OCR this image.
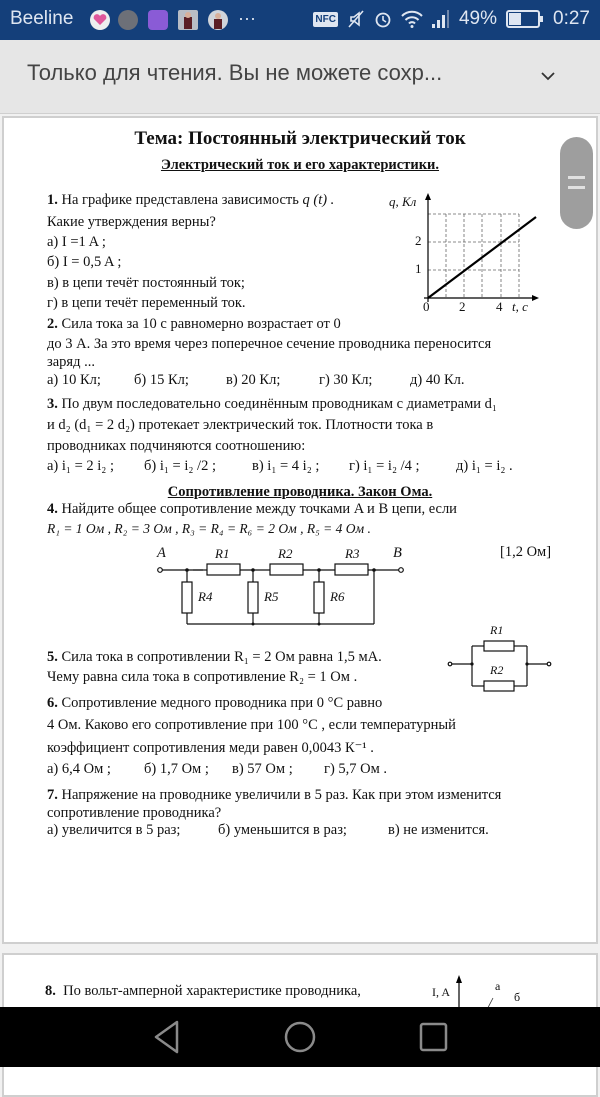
Beeline	···	NFC	49%	0:27
Только для чтения. Вы не можете сохр...
Тема: Постоянный электрический ток
Электрический ток и его характеристики.
1. На графике представлена зависимость q (t) .
Какие утверждения верны?
а) I =1 A ;
б) I = 0,5 A ;
в) в цепи течёт постоянный ток;
г) в цепи течёт переменный ток.
q, Кл
2
1
0 2 4 t, с
2. Сила тока за 10 с равномерно возрастает от 0
до 3 А. За это время через поперечное сечение проводника переносится
заряд ...
а) 10 Кл; б) 15 Кл;	в) 20 Кл;	г) 30 Кл;	д) 40 Кл.
3. По двум последовательно соединённым проводникам с диаметрами d₁
и d₂ (d₁ = 2 d₂) протекает электрический ток. Плотности тока в
проводниках подчиняются соотношению:
а) i₁ = 2 i₂ ; б) i₁ = i₂ /2 ; в) i₁ = 4 i₂ ; г) i₁ = i₂ /4 ;	д) i₁ = i₂ .
Сопротивление проводника. Закон Ома.
4. Найдите общее сопротивление между точками A и B цепи, если
R₁ = 1 Ом , R₂ = 3 Ом , R₃ = R₄ = R₆ = 2 Ом , R₅ = 4 Ом .
[1,2 Ом]
A	B
R1	R2	R3
R4	R5	R6
5. Сила тока в сопротивлении R₁ = 2 Ом равна 1,5 мА.
Чему равна сила тока в сопротивление R₂ = 1 Ом .
R1
R2
6. Сопротивление медного проводника при 0 °С равно
4 Ом. Каково его сопротивление при 100 °С , если температурный
коэффициент сопротивления меди равен 0,0043 К⁻¹ .
а) 6,4 Ом ; б) 1,7 Ом ; в) 57 Ом ; г) 5,7 Ом .
7. Напряжение на проводнике увеличили в 5 раз. Как при этом изменится
сопротивление проводника?
а) увеличится в 5 раз;	б) уменьшится в раз;	в) не изменится.
8. По вольт-амперной характеристике проводника,	I, A	а
б
